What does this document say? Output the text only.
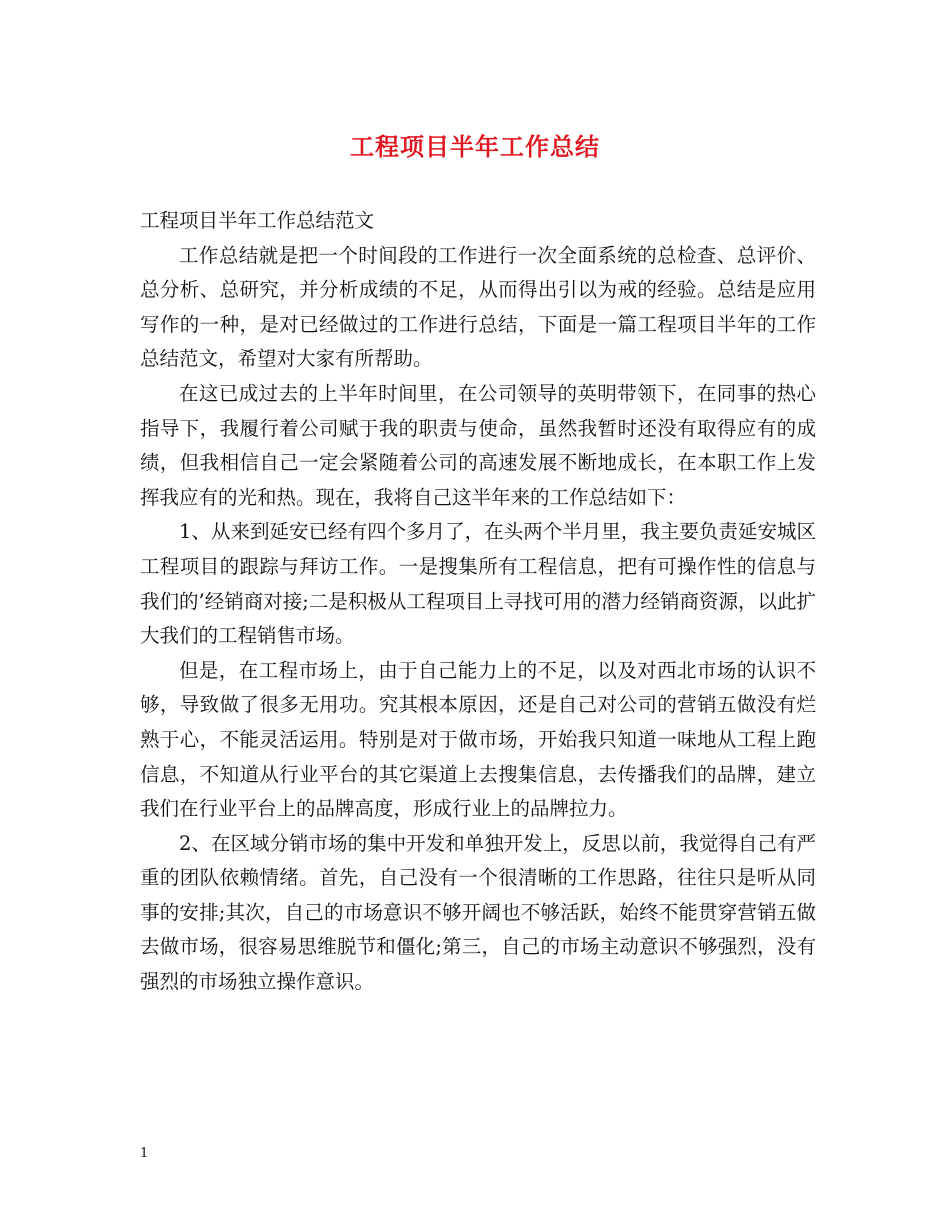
工程项目半年工作总结

工程项目半年工作总结范文

工作总结就是把一个时间段的工作进行一次全面系统的总检查、总评价、总分析、总研究，并分析成绩的不足，从而得出引以为戒的经验。总结是应用写作的一种，是对已经做过的工作进行总结，下面是一篇工程项目半年的工作总结范文，希望对大家有所帮助。

在这已成过去的上半年时间里，在公司领导的英明带领下，在同事的热心指导下，我履行着公司赋于我的职责与使命，虽然我暂时还没有取得应有的成绩，但我相信自己一定会紧随着公司的高速发展不断地成长，在本职工作上发挥我应有的光和热。现在，我将自己这半年来的工作总结如下：

1、从来到延安已经有四个多月了，在头两个半月里，我主要负责延安城区工程项目的跟踪与拜访工作。一是搜集所有工程信息，把有可操作性的信息与我们的’经销商对接;二是积极从工程项目上寻找可用的潜力经销商资源，以此扩大我们的工程销售市场。

但是，在工程市场上，由于自己能力上的不足，以及对西北市场的认识不够，导致做了很多无用功。究其根本原因，还是自己对公司的营销五做没有烂熟于心，不能灵活运用。特别是对于做市场，开始我只知道一味地从工程上跑信息，不知道从行业平台的其它渠道上去搜集信息，去传播我们的品牌，建立我们在行业平台上的品牌高度，形成行业上的品牌拉力。

2、在区域分销市场的集中开发和单独开发上，反思以前，我觉得自己有严重的团队依赖情绪。首先，自己没有一个很清晰的工作思路，往往只是听从同事的安排;其次，自己的市场意识不够开阔也不够活跃，始终不能贯穿营销五做去做市场，很容易思维脱节和僵化;第三，自己的市场主动意识不够强烈，没有强烈的市场独立操作意识。

1
